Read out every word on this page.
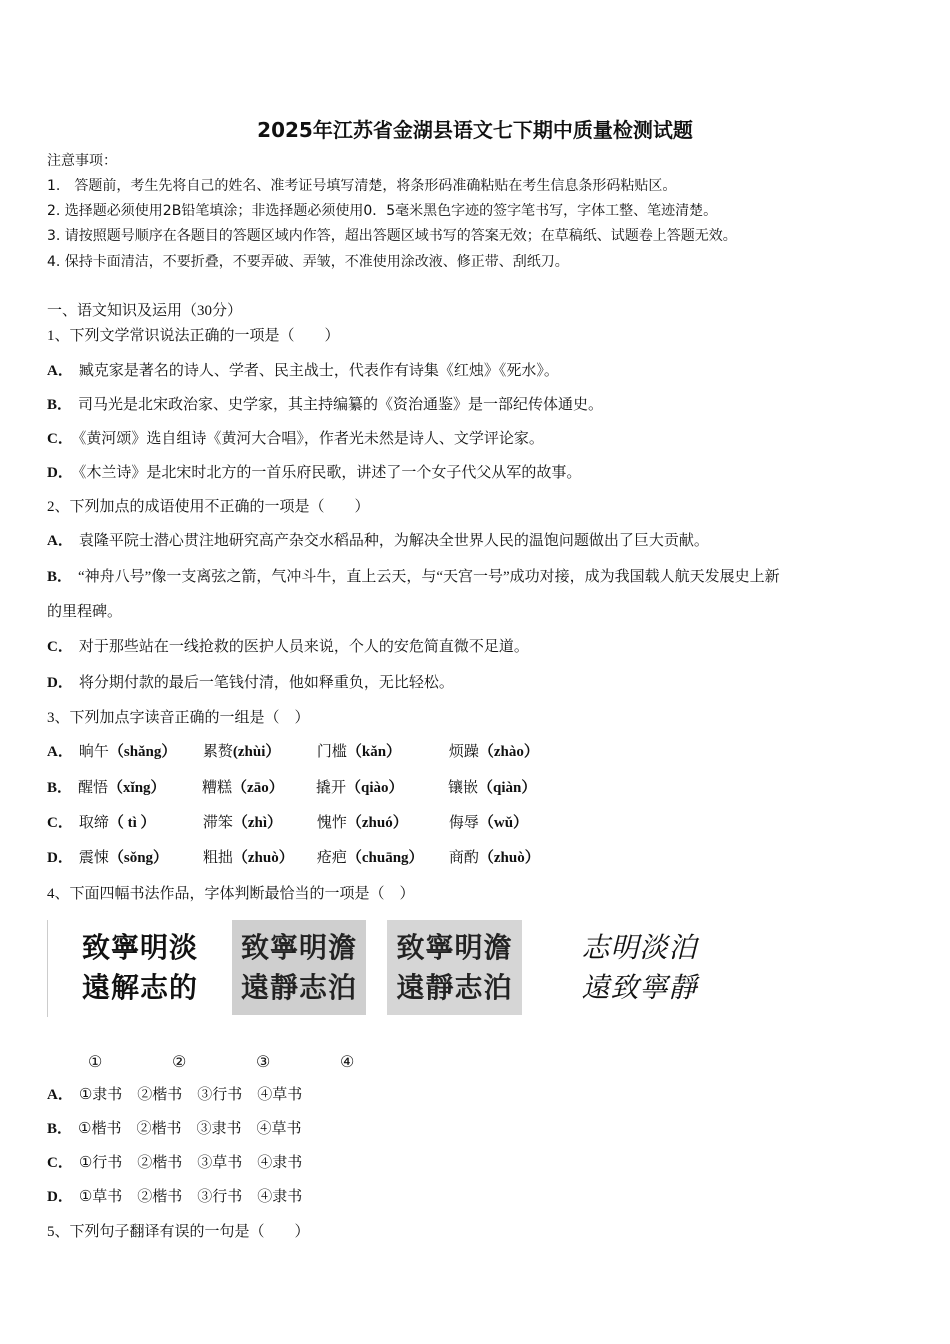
2025年江苏省金湖县语文七下期中质量检测试题
注意事项：
1.　答题前，考生先将自己的姓名、准考证号填写清楚，将条形码准确粘贴在考生信息条形码粘贴区。
2. 选择题必须使用2B铅笔填涂；非选择题必须使用0．5毫米黑色字迹的签字笔书写，字体工整、笔迹清楚。
3. 请按照题号顺序在各题目的答题区域内作答，超出答题区域书写的答案无效；在草稿纸、试题卷上答题无效。
4. 保持卡面清洁，不要折叠，不要弄破、弄皱，不准使用涂改液、修正带、刮纸刀。
一、语文知识及运用（30分）
1、下列文学常识说法正确的一项是（　　）
A． 臧克家是著名的诗人、学者、民主战士，代表作有诗集《红烛》《死水》。
B． 司马光是北宋政治家、史学家，其主持编纂的《资治通鉴》是一部纪传体通史。
C． 《黄河颂》选自组诗《黄河大合唱》，作者光未然是诗人、文学评论家。
D． 《木兰诗》是北宋时北方的一首乐府民歌，讲述了一个女子代父从军的故事。
2、下列加点的成语使用不正确的一项是（　　）
A． 袁隆平院士潜心贯注地研究高产杂交水稻品种，为解决全世界人民的温饱问题做出了巨大贡献。
B． “神舟八号”像一支离弦之箭，气冲斗牛，直上云天，与“天宫一号”成功对接，成为我国载人航天发展史上新
的里程碑。
C． 对于那些站在一线抢救的医护人员来说，个人的安危简直微不足道。
D． 将分期付款的最后一笔钱付清，他如释重负，无比轻松。
3、下列加点字读音正确的一组是（　）
A． 晌午（shǎng） 累赘(zhùi） 门槛（kǎn）	烦躁（zhào）
B． 醒悟（xǐng） 糟糕（zāo） 撬开（qiào）	镶嵌（qiàn）
C． 取缔（ tì ）	滞笨（zhì） 愧怍（zhuó）	侮辱（wǔ）
D． 震悚（sǒng） 粗拙（zhuò） 疮疤（chuāng） 商酌（zhuò）
4、下面四幅书法作品，字体判断最恰当的一项是（　）
致寧明淡
遠解志的
致寧明澹
遠靜志泊
致寧明澹
遠靜志泊
志明淡泊
遠致寧靜
①	②	③	④
A． ①隶书　②楷书　③行书　④草书
B． ①楷书　②楷书　③隶书　④草书
C． ①行书　②楷书　③草书　④隶书
D． ①草书　②楷书　③行书　④隶书
5、下列句子翻译有误的一句是（　　）
